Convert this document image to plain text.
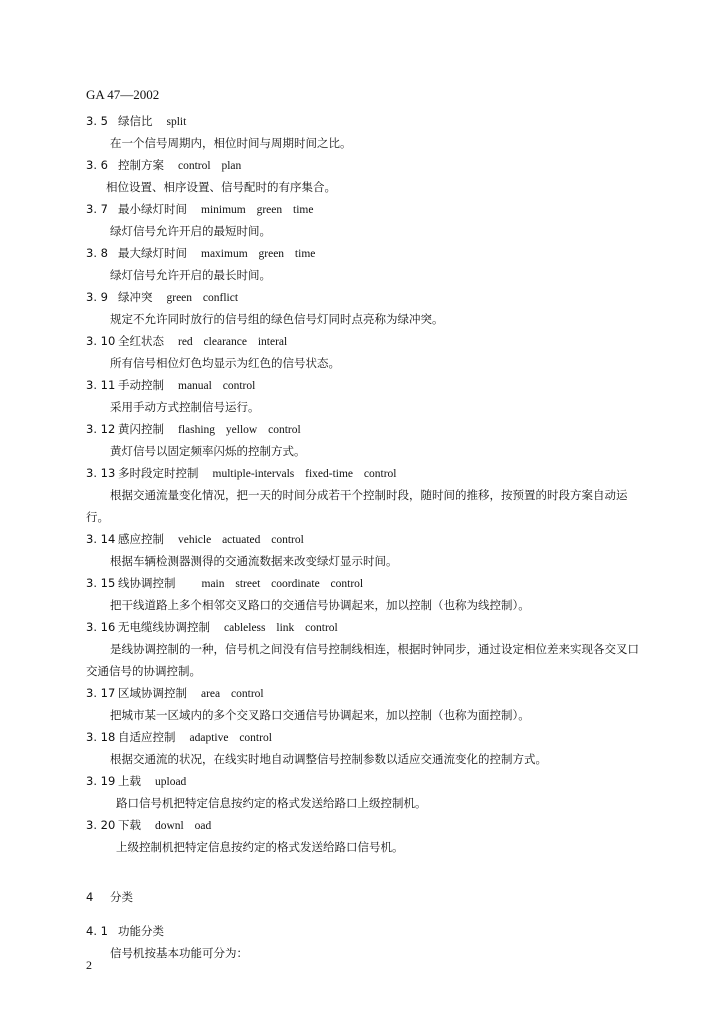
GA 47—2002
3. 5 绿信比 split
在一个信号周期内，相位时间与周期时间之比。
3. 6 控制方案 control plan
相位设置、相序设置、信号配时的有序集合。
3. 7 最小绿灯时间 minimum green time
绿灯信号允许开启的最短时间。
3. 8 最大绿灯时间 maximum green time
绿灯信号允许开启的最长时间。
3. 9 绿冲突 green conflict
规定不允许同时放行的信号组的绿色信号灯同时点亮称为绿冲突。
3. 10 全红状态 red clearance interal
所有信号相位灯色均显示为红色的信号状态。
3. 11 手动控制 manual control
采用手动方式控制信号运行。
3. 12 黄闪控制 flashing yellow control
黄灯信号以固定频率闪烁的控制方式。
3. 13 多时段定时控制 multiple-intervals fixed-time control
根据交通流量变化情况，把一天的时间分成若干个控制时段，随时间的推移，按预置的时段方案自动运行。
3. 14 感应控制 vehicle actuated control
根据车辆检测器测得的交通流数据来改变绿灯显示时间。
3. 15 线协调控制 main street coordinate control
把干线道路上多个相邻交叉路口的交通信号协调起来，加以控制（也称为线控制）。
3. 16 无电缆线协调控制 cableless link control
是线协调控制的一种，信号机之间没有信号控制线相连，根据时钟同步，通过设定相位差来实现各交叉口交通信号的协调控制。
3. 17 区域协调控制 area control
把城市某一区域内的多个交叉路口交通信号协调起来，加以控制（也称为面控制）。
3. 18 自适应控制 adaptive control
根据交通流的状况，在线实时地自动调整信号控制参数以适应交通流变化的控制方式。
3. 19 上载 upload
路口信号机把特定信息按约定的格式发送给路口上级控制机。
3. 20 下载 downl oad
上级控制机把特定信息按约定的格式发送给路口信号机。
4 分类
4. 1 功能分类
信号机按基本功能可分为：
2
